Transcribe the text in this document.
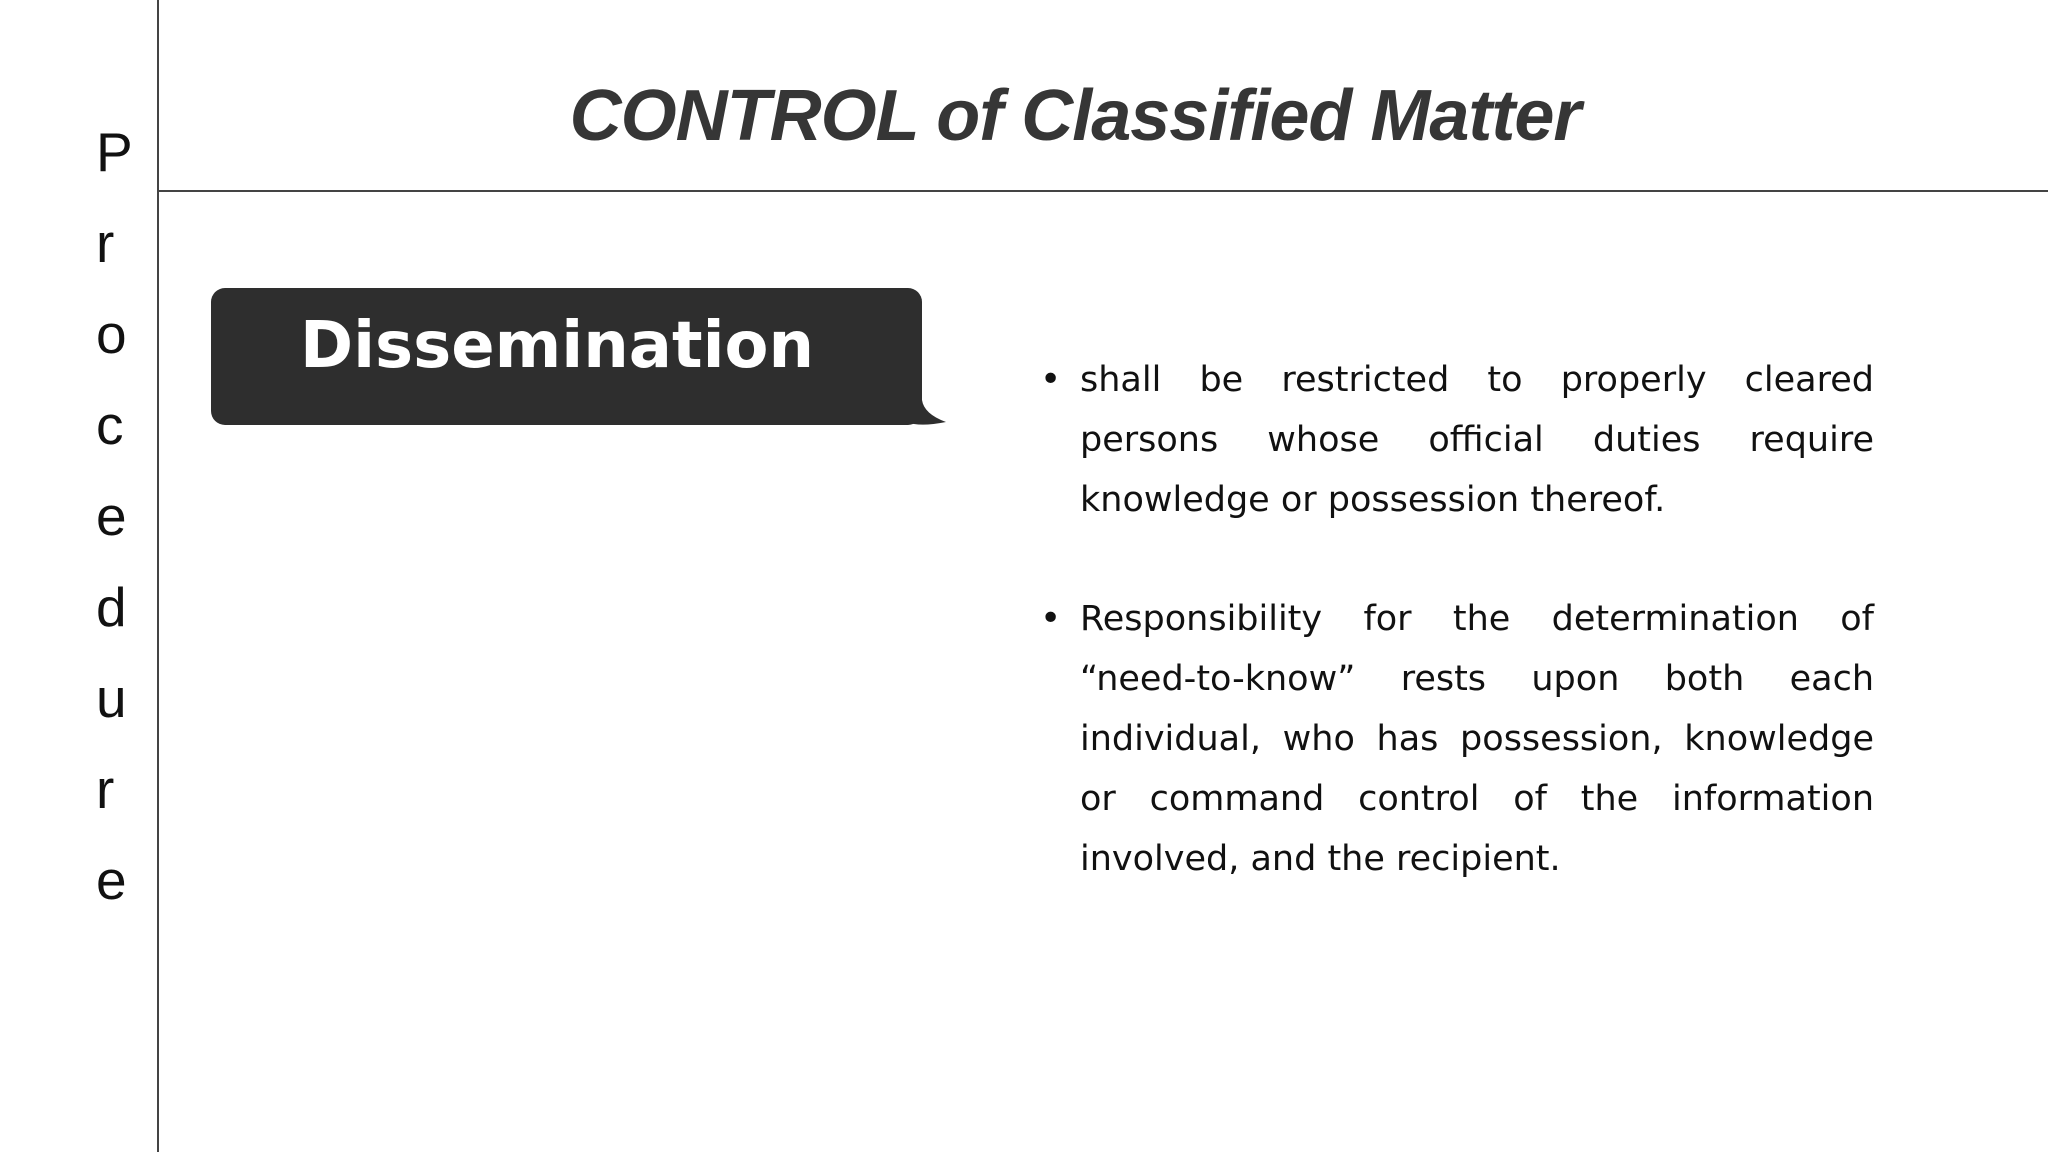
P
r
o
c
e
d
u
r
e
CONTROL of Classified Matter
Dissemination	• shall be restricted to properly cleared persons whose official duties require knowledge or possession thereof.
• Responsibility for the determination of “need-to-know” rests upon both each individual, who has possession, knowledge or command control of the information involved, and the recipient.
